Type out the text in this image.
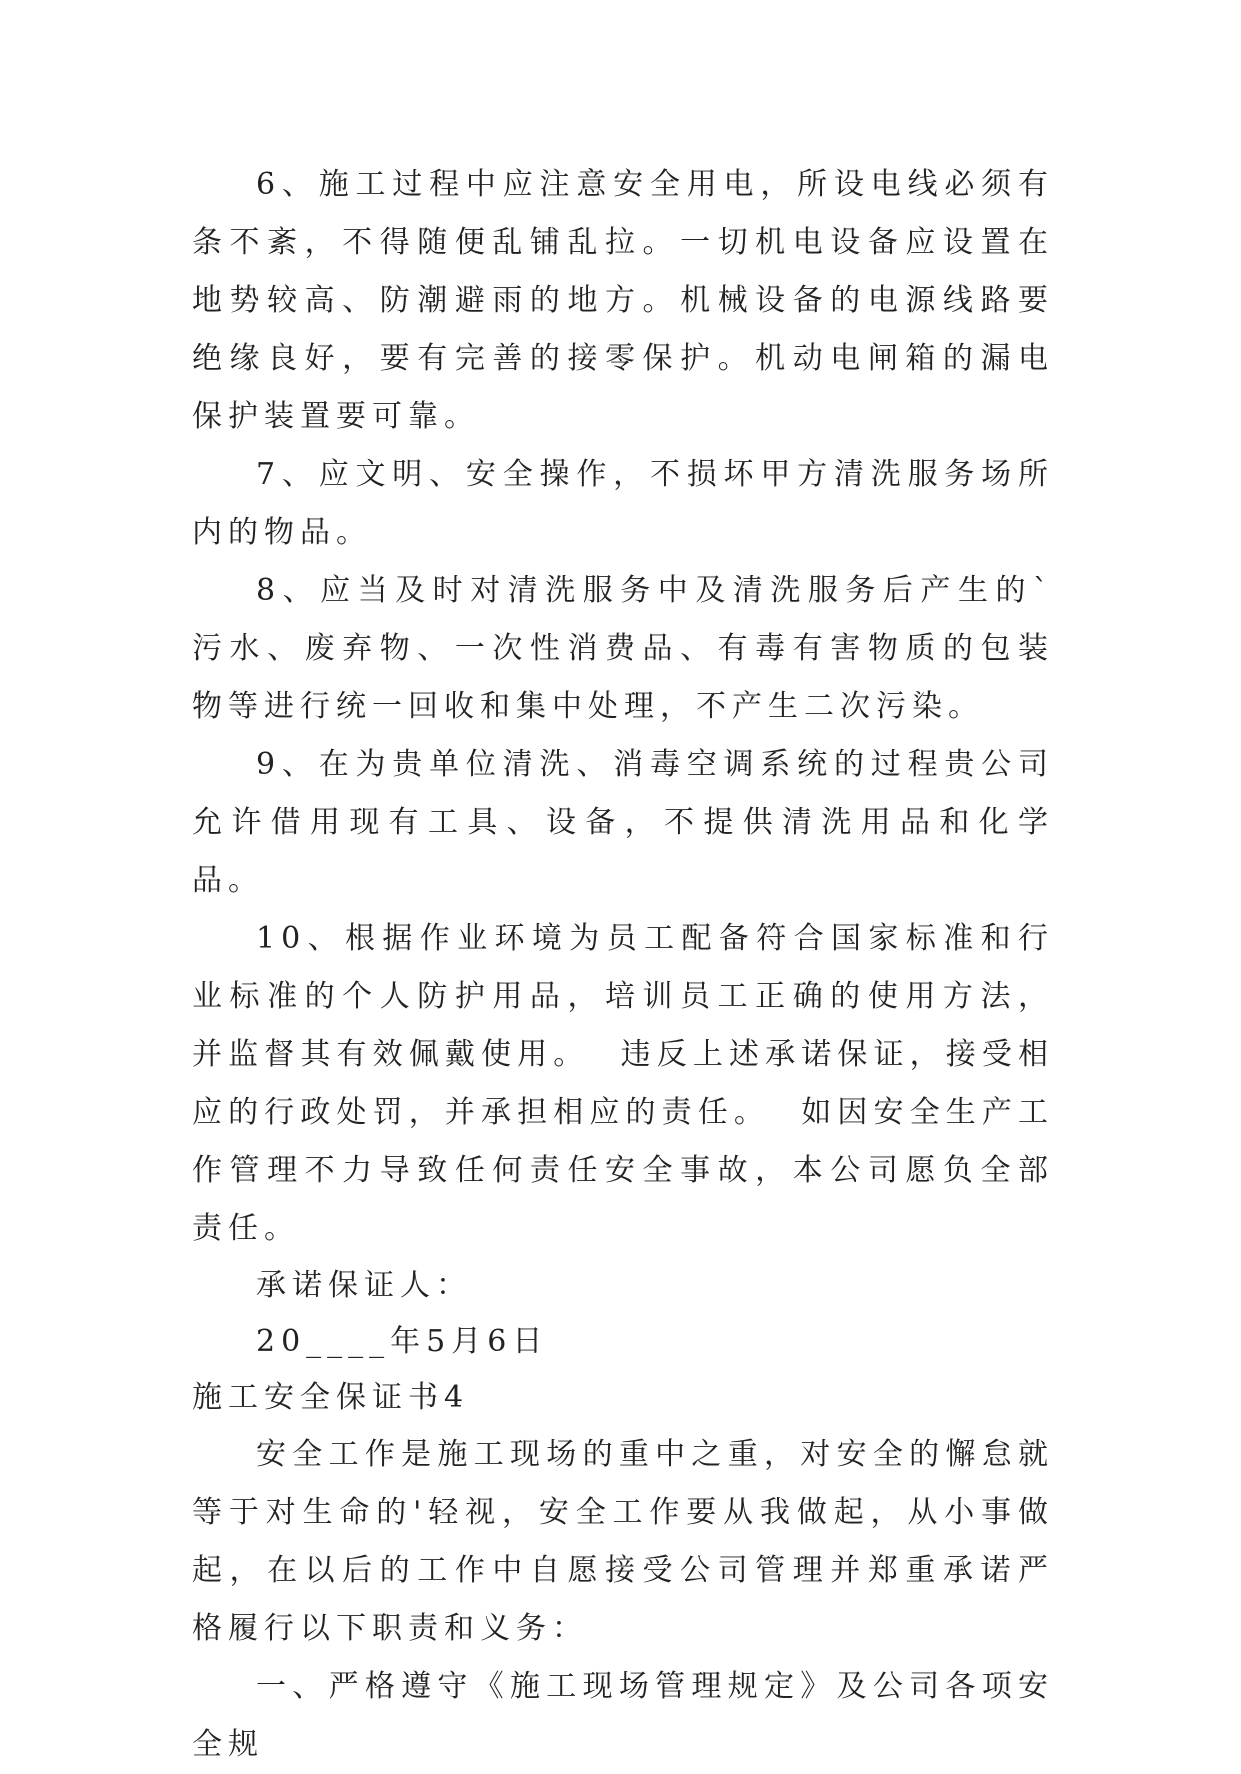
6、施工过程中应注意安全用电，所设电线必须有条不紊，不得随便乱铺乱拉。一切机电设备应设置在地势较高、防潮避雨的地方。机械设备的电源线路要绝缘良好，要有完善的接零保护。机动电闸箱的漏电保护装置要可靠。

7、应文明、安全操作，不损坏甲方清洗服务场所内的物品。

8、应当及时对清洗服务中及清洗服务后产生的`污水、废弃物、一次性消费品、有毒有害物质的包装物等进行统一回收和集中处理，不产生二次污染。

9、在为贵单位清洗、消毒空调系统的过程贵公司允许借用现有工具、设备，不提供清洗用品和化学品。

10、根据作业环境为员工配备符合国家标准和行业标准的个人防护用品，培训员工正确的使用方法，并监督其有效佩戴使用。  违反上述承诺保证，接受相应的行政处罚，并承担相应的责任。  如因安全生产工作管理不力导致任何责任安全事故，本公司愿负全部责任。

承诺保证人：

20____年5月6日

施工安全保证书4

安全工作是施工现场的重中之重，对安全的懈怠就等于对生命的'轻视，安全工作要从我做起，从小事做起，在以后的工作中自愿接受公司管理并郑重承诺严格履行以下职责和义务：

一、严格遵守《施工现场管理规定》及公司各项安全规
